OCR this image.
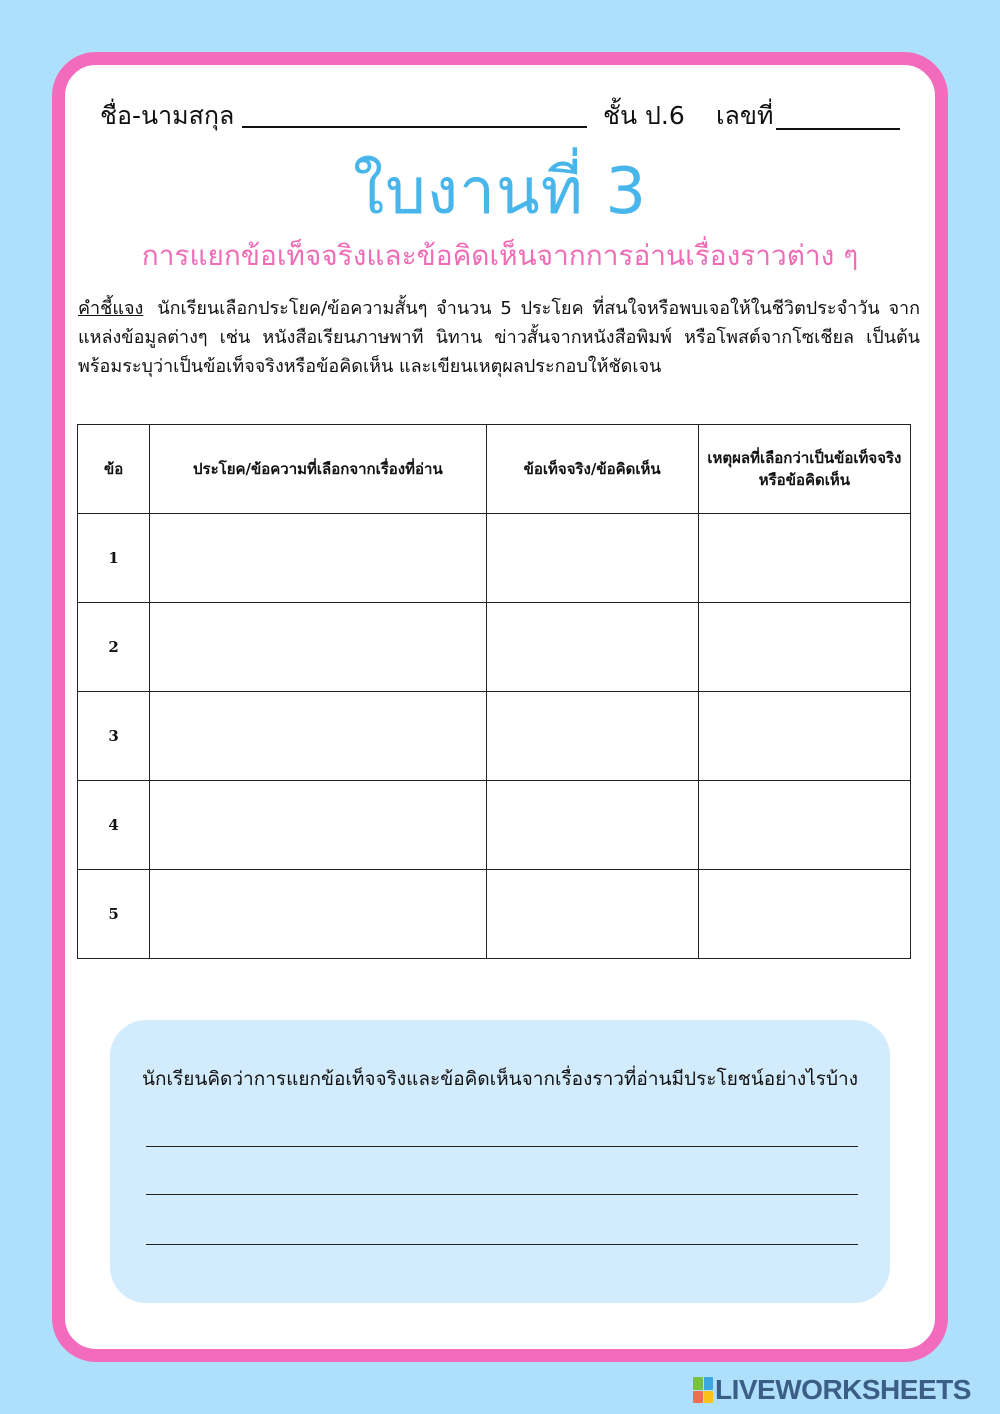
ชื่อ-นามสกุล	ชั้น ป.6 เลขที่
ใบงานที่ 3
การแยกข้อเท็จจริงและข้อคิดเห็นจากการอ่านเรื่องราวต่าง ๆ
คำชี้แจง นักเรียนเลือกประโยค/ข้อความสั้นๆ จำนวน 5 ประโยค ที่สนใจหรือพบเจอให้ในชีวิตประจำวัน จากแหล่งข้อมูลต่างๆ เช่น หนังสือเรียนภาษพาที นิทาน ข่าวสั้นจากหนังสือพิมพ์ หรือโพสต์จากโซเชียล เป็นต้น พร้อมระบุว่าเป็นข้อเท็จจริงหรือข้อคิดเห็น และเขียนเหตุผลประกอบให้ชัดเจน
ข้อ	ประโยค/ข้อความที่เลือกจากเรื่องที่อ่าน	ข้อเท็จจริง/ข้อคิดเห็น	เหตุผลที่เลือกว่าเป็นข้อเท็จจริงหรือข้อคิดเห็น
1			
2			
3			
4			
5			
นักเรียนคิดว่าการแยกข้อเท็จจริงและข้อคิดเห็นจากเรื่องราวที่อ่านมีประโยชน์อย่างไรบ้าง
LIVEWORKSHEETS
